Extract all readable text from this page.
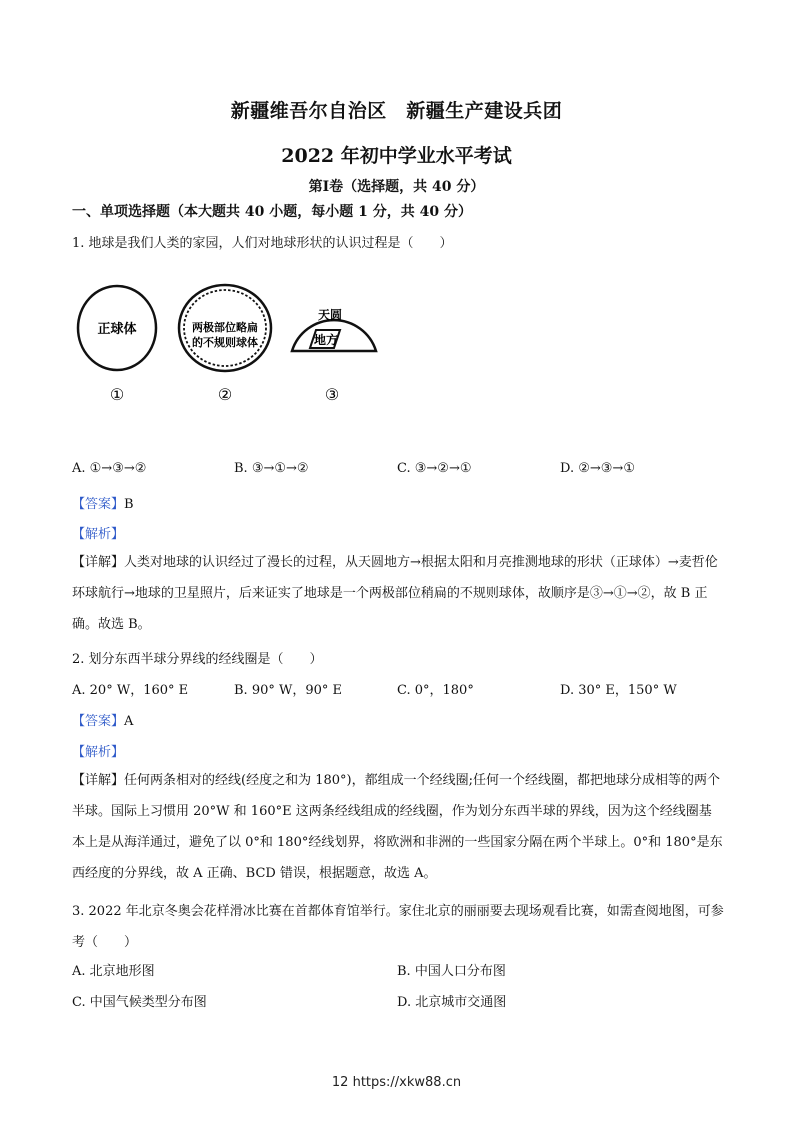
新疆维吾尔自治区　新疆生产建设兵团
2022 年初中学业水平考试
第Ⅰ卷（选择题，共 40 分）
一、单项选择题（本大题共 40 小题，每小题 1 分，共 40 分）
1. 地球是我们人类的家园，人们对地球形状的认识过程是（　　）
正球体	两极部位略扁
的不规则球体
天圆
地方
①	②	③
A. ①→③→②	B. ③→①→②	C. ③→②→①	D. ②→③→①
【答案】B
【解析】
【详解】人类对地球的认识经过了漫长的过程，从天圆地方→根据太阳和月亮推测地球的形状（正球体）→麦哲伦环球航行→地球的卫星照片，后来证实了地球是一个两极部位稍扁的不规则球体，故顺序是③→①→②，故 B 正确。故选 B。
2. 划分东西半球分界线的经线圈是（　　）
A. 20° W，160° E	B. 90° W，90° E	C. 0°，180°	D. 30° E，150° W
【答案】A
【解析】
【详解】任何两条相对的经线(经度之和为 180°)，都组成一个经线圈;任何一个经线圈，都把地球分成相等的两个半球。国际上习惯用 20°W 和 160°E 这两条经线组成的经线圈，作为划分东西半球的界线，因为这个经线圈基本上是从海洋通过，避免了以 0°和 180°经线划界，将欧洲和非洲的一些国家分隔在两个半球上。0°和 180°是东西经度的分界线，故 A 正确、BCD 错误，根据题意，故选 A。
3. 2022 年北京冬奥会花样滑冰比赛在首都体育馆举行。家住北京的丽丽要去现场观看比赛，如需查阅地图，可参考（　　）
A. 北京地形图	B. 中国人口分布图
C. 中国气候类型分布图	D. 北京城市交通图
12 https://xkw88.cn
